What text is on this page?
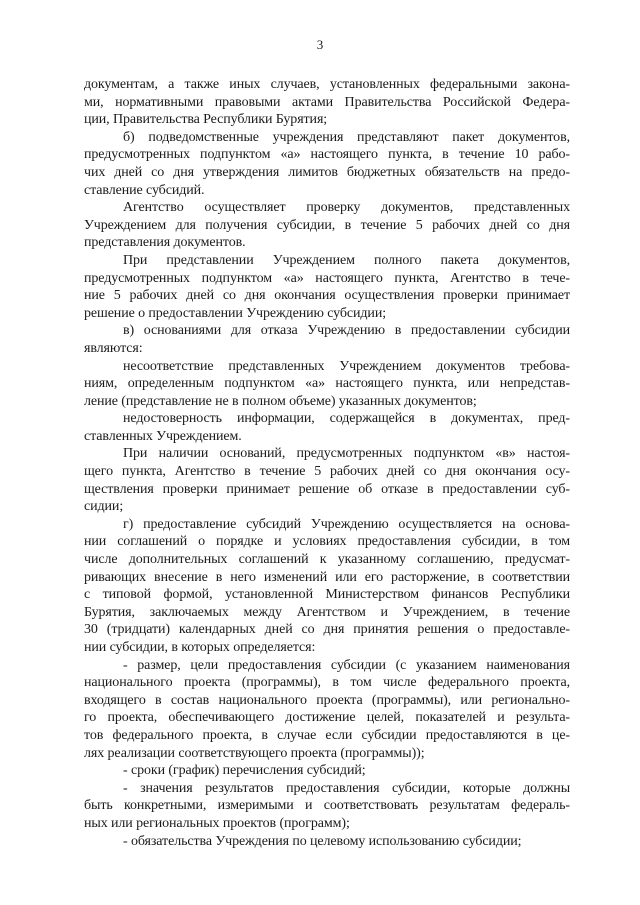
3
документам, а также иных случаев, установленных федеральными закона-
ми, нормативными правовыми актами Правительства Российской Федера-
ции, Правительства Республики Бурятия;
б) подведомственные учреждения представляют пакет документов,
предусмотренных подпунктом «а» настоящего пункта, в течение 10 рабо-
чих дней со дня утверждения лимитов бюджетных обязательств на предо-
ставление субсидий.
Агентство осуществляет проверку документов, представленных
Учреждением для получения субсидии, в течение 5 рабочих дней со дня
представления документов.
При представлении Учреждением полного пакета документов,
предусмотренных подпунктом «а» настоящего пункта, Агентство в тече-
ние 5 рабочих дней со дня окончания осуществления проверки принимает
решение о предоставлении Учреждению субсидии;
в) основаниями для отказа Учреждению в предоставлении субсидии
являются:
несоответствие представленных Учреждением документов требова-
ниям, определенным подпунктом «а» настоящего пункта, или непредстав-
ление (представление не в полном объеме) указанных документов;
недостоверность информации, содержащейся в документах, пред-
ставленных Учреждением.
При наличии оснований, предусмотренных подпунктом «в» настоя-
щего пункта, Агентство в течение 5 рабочих дней со дня окончания осу-
ществления проверки принимает решение об отказе в предоставлении суб-
сидии;
г) предоставление субсидий Учреждению осуществляется на основа-
нии соглашений о порядке и условиях предоставления субсидии, в том
числе дополнительных соглашений к указанному соглашению, предусмат-
ривающих внесение в него изменений или его расторжение, в соответствии
с типовой формой, установленной Министерством финансов Республики
Бурятия, заключаемых между Агентством и Учреждением, в течение
30 (тридцати) календарных дней со дня принятия решения о предоставле-
нии субсидии, в которых определяется:
- размер, цели предоставления субсидии (с указанием наименования
национального проекта (программы), в том числе федерального проекта,
входящего в состав национального проекта (программы), или регионально-
го проекта, обеспечивающего достижение целей, показателей и результа-
тов федерального проекта, в случае если субсидии предоставляются в це-
лях реализации соответствующего проекта (программы));
- сроки (график) перечисления субсидий;
- значения результатов предоставления субсидии, которые должны
быть конкретными, измеримыми и соответствовать результатам федераль-
ных или региональных проектов (программ);
- обязательства Учреждения по целевому использованию субсидии;
